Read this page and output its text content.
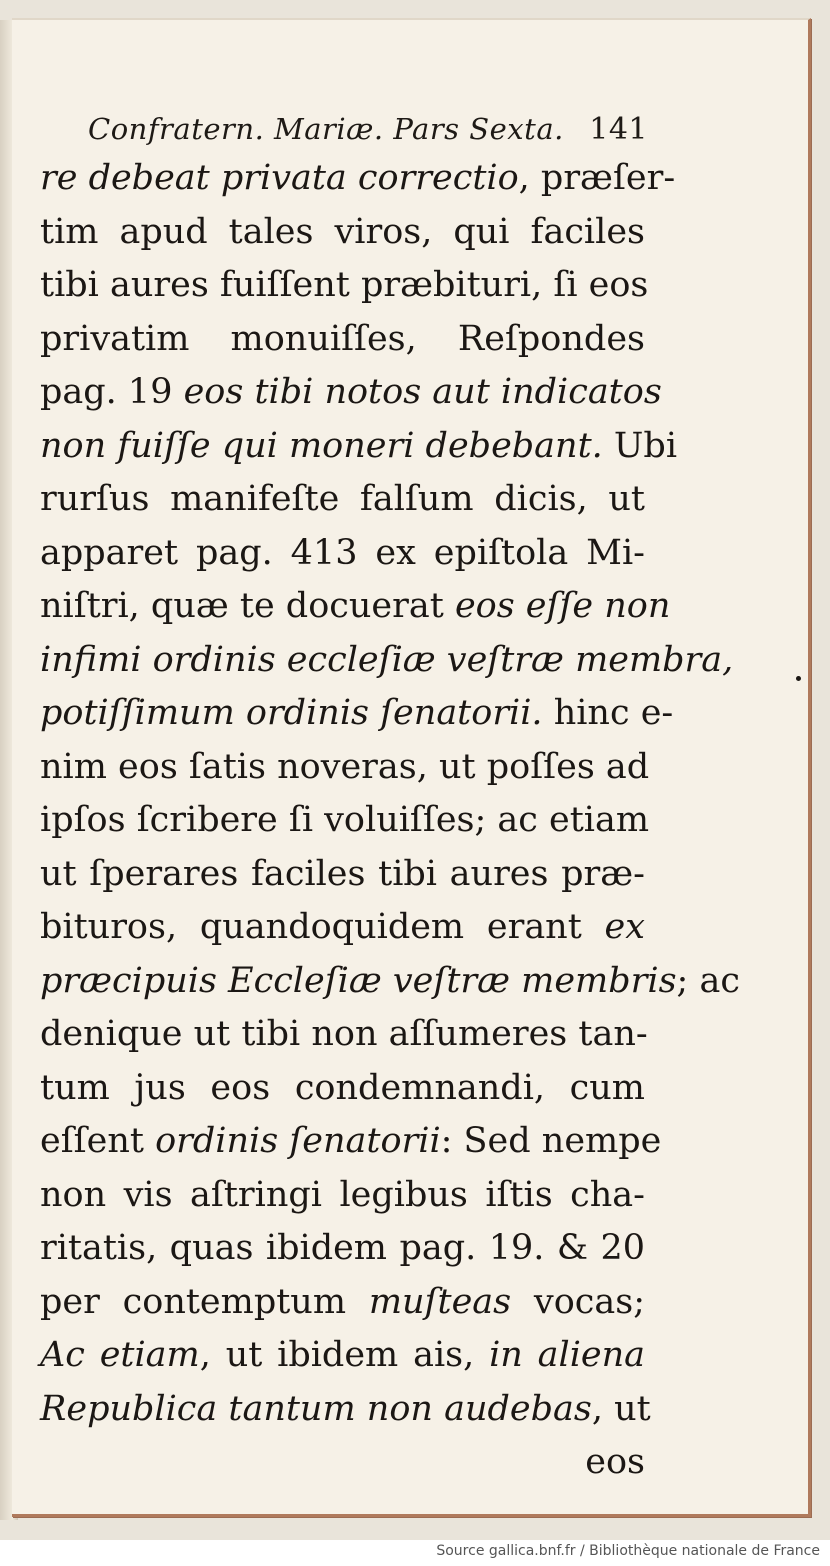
Confratern. Mariæ. Pars Sexta. 141
re debeat privata correctio, præſer-
tim apud tales viros, qui faciles
tibi aures fuiſſent præbituri, ſi eos
privatim monuiſſes, Reſpondes
pag. 19 eos tibi notos aut indicatos
non fuiſſe qui moneri debebant. Ubi
rurſus manifeſte falſum dicis, ut
apparet pag. 413 ex epiſtola Mi-
niſtri, quæ te docuerat eos eſſe non
infimi ordinis eccleſiæ veſtræ membra,
potiſſimum ordinis ſenatorii. hinc e-
nim eos ſatis noveras, ut poſſes ad
ipſos ſcribere ſi voluiſſes; ac etiam
ut ſperares faciles tibi aures præ-
bituros, quandoquidem erant ex
præcipuis Eccleſiæ veſtræ membris; ac
denique ut tibi non aſſumeres tan-
tum jus eos condemnandi, cum
eſſent ordinis ſenatorii: Sed nempe
non vis aſtringi legibus iſtis cha-
ritatis, quas ibidem pag. 19. & 20
per contemptum muſteas vocas;
Ac etiam, ut ibidem ais, in aliena
Republica tantum non audebas, ut
eos
Source gallica.bnf.fr / Bibliothèque nationale de France
